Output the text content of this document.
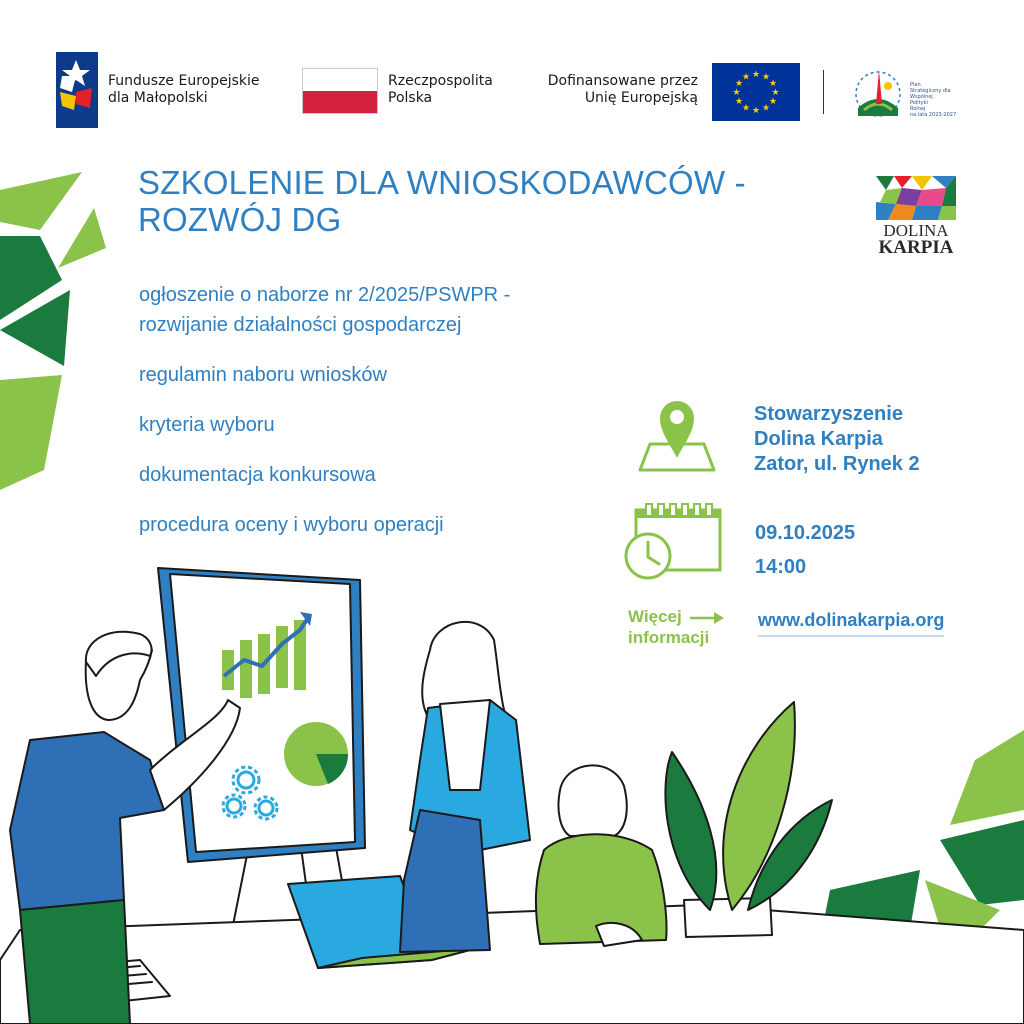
Fundusze Europejskie
dla Małopolski
Rzeczpospolita
Polska
Dofinansowane przez
Unię Europejską
★ ★
★
★
★
★
★
★
★
★
★
★
Plan
Strategiczny dla
Wspólnej
Polityki
Rolnej
na lata 2023-2027
SZKOLENIE DLA WNIOSKODAWCÓW -
ROZWÓJ DG	DOLINA
KARPIA
ogłoszenie o naborze nr 2/2025/PSWPR -
rozwijanie działalności gospodarczej
regulamin naboru wniosków
kryteria wyboru
dokumentacja konkursowa
procedura oceny i wyboru operacji
Stowarzyszenie
Dolina Karpia
Zator, ul. Rynek 2
09.10.2025
14:00
Więcej
informacji
www.dolinakarpia.org
